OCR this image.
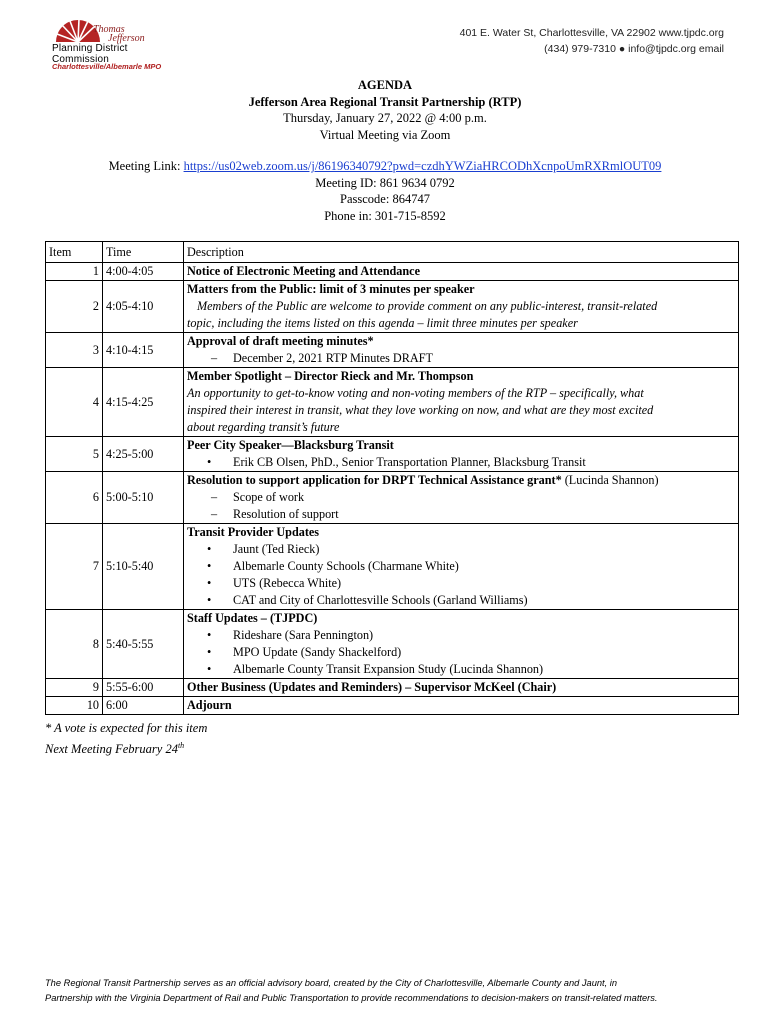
Thomas
Jefferson
Planning District Commission
Charlottesville/Albemarle MPO
401 E. Water St, Charlottesville, VA 22902 www.tjpdc.org
(434) 979-7310 ● info@tjpdc.org email
AGENDA
Jefferson Area Regional Transit Partnership (RTP)
Thursday, January 27, 2022 @ 4:00 p.m.
Virtual Meeting via Zoom
Meeting Link: https://us02web.zoom.us/j/86196340792?pwd=czdhYWZiaHRCODhXcnpoUmRXRmlOUT09
Meeting ID: 861 9634 0792
Passcode: 864747
Phone in: 301-715-8592
Item	Time	Description
1	4:00-4:05	Notice of Electronic Meeting and Attendance

2	4:05-4:10	Matters from the Public: limit of 3 minutes per speaker
Members of the Public are welcome to provide comment on any public-interest, transit-related
topic, including the items listed on this agenda – limit three minutes per speaker

3	4:10-4:15	Approval of draft meeting minutes*
– December 2, 2021 RTP Minutes DRAFT

4	4:15-4:25	Member Spotlight – Director Rieck and Mr. Thompson
An opportunity to get-to-know voting and non-voting members of the RTP – specifically, what
inspired their interest in transit, what they love working on now, and what are they most excited
about regarding transit’s future

5	4:25-5:00	Peer City Speaker—Blacksburg Transit
• Erik CB Olsen, PhD., Senior Transportation Planner, Blacksburg Transit

6	5:00-5:10	Resolution to support application for DRPT Technical Assistance grant* (Lucinda Shannon)
– Scope of work
– Resolution of support

7	5:10-5:40	Transit Provider Updates
• Jaunt (Ted Rieck)
• Albemarle County Schools (Charmane White)
• UTS (Rebecca White)
• CAT and City of Charlottesville Schools (Garland Williams)

8	5:40-5:55	Staff Updates – (TJPDC)
• Rideshare (Sara Pennington)
• MPO Update (Sandy Shackelford)
• Albemarle County Transit Expansion Study (Lucinda Shannon)

9	5:55-6:00	Other Business (Updates and Reminders) – Supervisor McKeel (Chair)

10	6:00	Adjourn
* A vote is expected for this item
Next Meeting February 24th
The Regional Transit Partnership serves as an official advisory board, created by the City of Charlottesville, Albemarle County and Jaunt, in
Partnership with the Virginia Department of Rail and Public Transportation to provide recommendations to decision-makers on transit-related matters.
